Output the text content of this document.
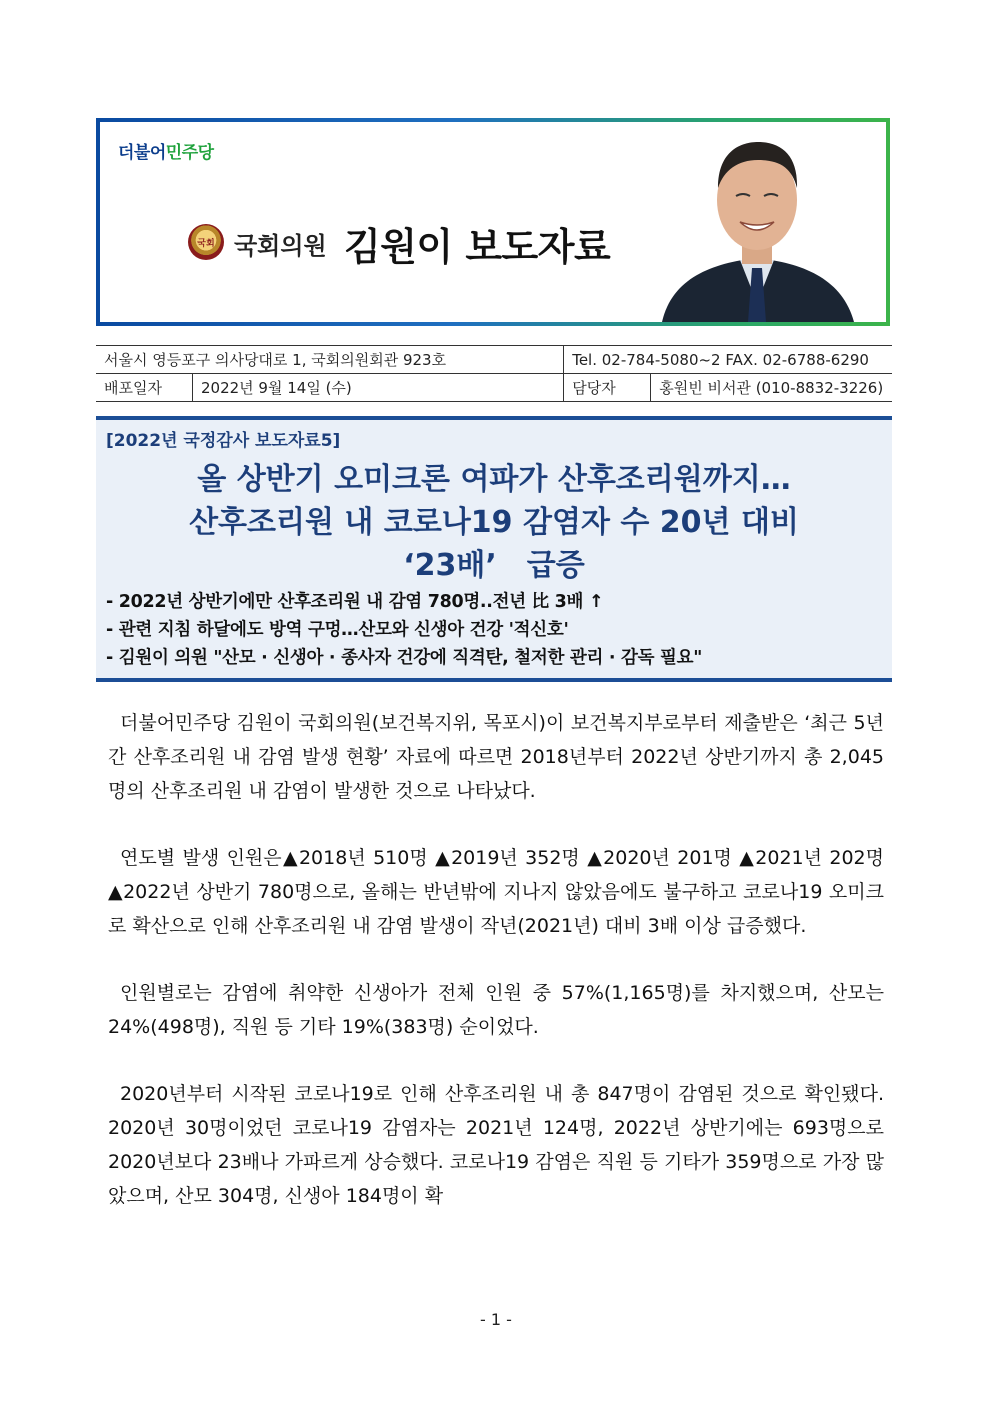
더불어민주당
국회 국회의원 김원이 보도자료
서울시 영등포구 의사당대로 1, 국회의원회관 923호		Tel. 02-784-5080~2 FAX. 02-6788-6290	
배포일자	2022년 9월 14일 (수)	담당자	홍원빈 비서관 (010-8832-3226)
[2022년 국정감사 보도자료5]
올 상반기 오미크론 여파가 산후조리원까지…
산후조리원 내 코로나19 감염자 수 20년 대비
‘23배’　급증
- 2022년 상반기에만 산후조리원 내 감염 780명..전년 比 3배 ↑
- 관련 지침 하달에도 방역 구멍…산모와 신생아 건강 '적신호'
- 김원이 의원 "산모 · 신생아 · 종사자 건강에 직격탄, 철저한 관리 · 감독 필요"

더불어민주당 김원이 국회의원(보건복지위, 목포시)이 보건복지부로부터 제출받은 ‘최근 5년간 산후조리원 내 감염 발생 현황’ 자료에 따르면 2018년부터 2022년 상반기까지 총 2,045명의 산후조리원 내 감염이 발생한 것으로 나타났다.

연도별 발생 인원은▲2018년 510명 ▲2019년 352명 ▲2020년 201명 ▲2021년 202명 ▲2022년 상반기 780명으로, 올해는 반년밖에 지나지 않았음에도 불구하고 코로나19 오미크로 확산으로 인해 산후조리원 내 감염 발생이 작년(2021년) 대비 3배 이상 급증했다.

인원별로는 감염에 취약한 신생아가 전체 인원 중 57%(1,165명)를 차지했으며, 산모는 24%(498명), 직원 등 기타 19%(383명) 순이었다.

2020년부터 시작된 코로나19로 인해 산후조리원 내 총 847명이 감염된 것으로 확인됐다. 2020년 30명이었던 코로나19 감염자는 2021년 124명, 2022년 상반기에는 693명으로 2020년보다 23배나 가파르게 상승했다. 코로나19 감염은 직원 등 기타가 359명으로 가장 많았으며, 산모 304명, 신생아 184명이 확

- 1 -
